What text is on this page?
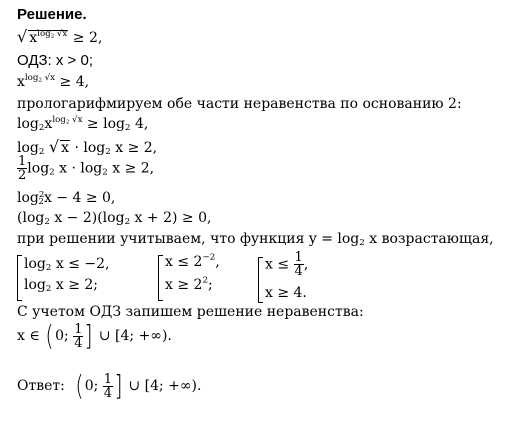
Решение.
√ $x^{log_2 √x} \ge 2$,
ОДЗ: x > 0;
$x^{log_2 √x} \ge 4$,
прологарифмируем обе части неравенства по основанию 2:
$\log_2x^{log_2 √x} \ge \log_2 4$,
$\log_2$ √ $x \cdot \log_2 x \ge 2$,
$\frac{1}{2} \log_2 x \cdot \log_2 x \ge 2$,
$\log^2_2x - 4 \ge 0$,
($\log_2$ $x - 2)(\log_2$ x + 2) ≥ 0,
при решении учитываем, что функция $y = \log_2 x$ возрастающая,
$\log_2 x \le -2$,
$\log_2 x \ge 2$;
$x \le 2^{-2}$,
$x \ge 2^2$;
$x \le \frac{1}{4}$ ,
x ≥ 4.
С учетом ОДЗ запишем решение неравенства:
x ∈ (0; $\frac{1}{4}$ ] ∪ [4; +∞).
Ответ: (0; $\frac{1}{4}$ ] ∪ [4; +∞).
